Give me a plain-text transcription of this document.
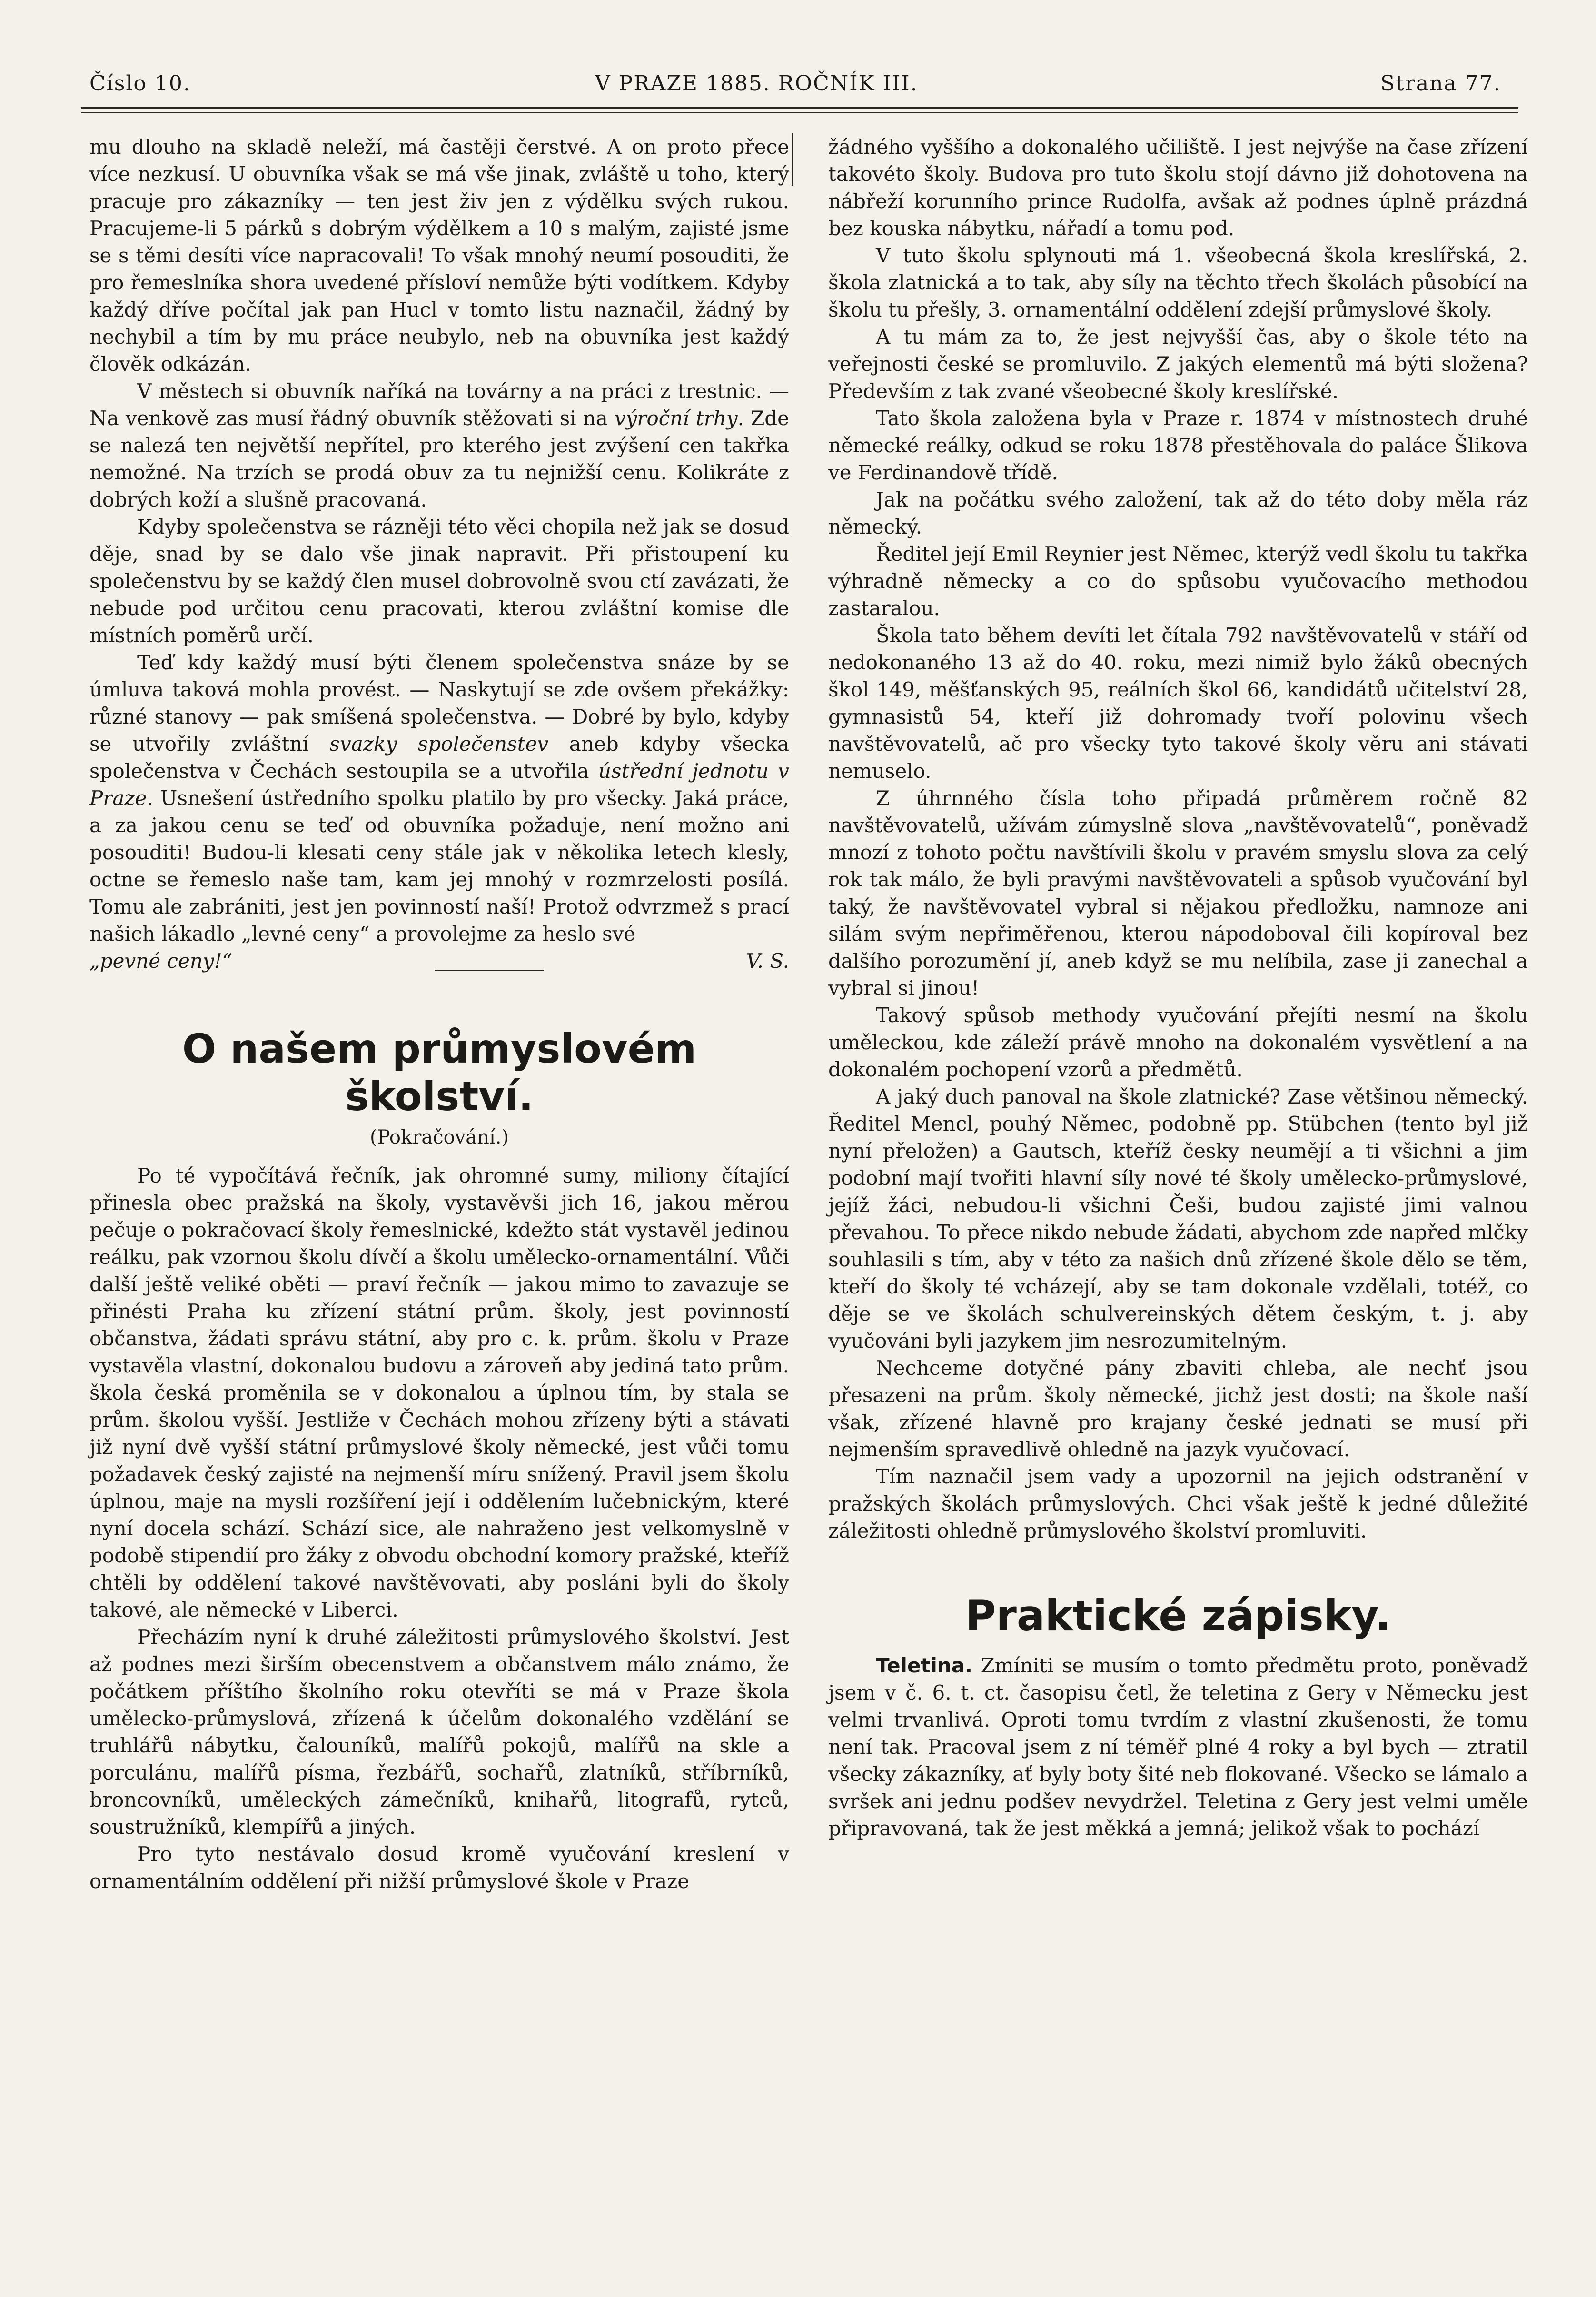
Číslo 10.	V PRAZE 1885. ROČNÍK III.	Strana 77.

mu dlouho na skladě neleží, má častěji čerstvé. A on proto přece více nezkusí. U obuvníka však se má vše jinak, zvláště u toho, který pracuje pro zákazníky — ten jest živ jen z výdělku svých rukou. Pracujeme-li 5 párků s dobrým výdělkem a 10 s malým, zajisté jsme se s těmi desíti více napracovali! To však mnohý neumí posouditi, že pro řemeslníka shora uvedené přísloví nemůže býti vodítkem. Kdyby každý dříve počítal jak pan Hucl v tomto listu naznačil, žádný by nechybil a tím by mu práce neubylo, neb na obuvníka jest každý člověk odkázán.

V městech si obuvník naříká na továrny a na práci z trestnic. — Na venkově zas musí řádný obuvník stěžovati si na výroční trhy. Zde se nalezá ten největší nepřítel, pro kterého jest zvýšení cen takřka nemožné. Na trzích se prodá obuv za tu nejnižší cenu. Kolikráte z dobrých koží a slušně pracovaná.

Kdyby společenstva se rázněji této věci chopila než jak se dosud děje, snad by se dalo vše jinak napravit. Při přistoupení ku společenstvu by se každý člen musel dobrovolně svou ctí zavázati, že nebude pod určitou cenu pracovati, kterou zvláštní komise dle místních poměrů určí.

Teď kdy každý musí býti členem společenstva snáze by se úmluva taková mohla provést. — Naskytují se zde ovšem překážky: různé stanovy — pak smíšená společenstva. — Dobré by bylo, kdyby se utvořily zvláštní svazky společenstev aneb kdyby všecka společenstva v Čechách sestoupila se a utvořila ústřední jednotu v Praze. Usnešení ústředního spolku platilo by pro všecky. Jaká práce, a za jakou cenu se teď od obuvníka požaduje, není možno ani posouditi! Budou-li klesati ceny stále jak v několika letech klesly, octne se řemeslo naše tam, kam jej mnohý v rozmrzelosti posílá. Tomu ale zabrániti, jest jen povinností naší! Protož odvrzmež s prací našich lákadlo „levné ceny“ a provolejme za heslo své

„pevné ceny!“	V. S.
O našem průmyslovém školství.
(Pokračování.)

Po té vypočítává řečník, jak ohromné sumy, miliony čítající přinesla obec pražská na školy, vystavěvši jich 16, jakou měrou pečuje o pokračovací školy řemeslnické, kdežto stát vystavěl jedinou reálku, pak vzornou školu dívčí a školu umělecko-ornamentální. Vůči další ještě veliké oběti — praví řečník — jakou mimo to zavazuje se přinésti Praha ku zřízení státní prům. školy, jest povinností občanstva, žádati správu státní, aby pro c. k. prům. školu v Praze vystavěla vlastní, dokonalou budovu a zároveň aby jediná tato prům. škola česká proměnila se v dokonalou a úplnou tím, by stala se prům. školou vyšší. Jestliže v Čechách mohou zřízeny býti a stávati již nyní dvě vyšší státní průmyslové školy německé, jest vůči tomu požadavek český zajisté na nejmenší míru snížený. Pravil jsem školu úplnou, maje na mysli rozšíření její i oddělením lučebnickým, které nyní docela schází. Schází sice, ale nahraženo jest velkomyslně v podobě stipendií pro žáky z obvodu obchodní komory pražské, kteříž chtěli by oddělení takové navštěvovati, aby posláni byli do školy takové, ale německé v Liberci.

Přecházím nyní k druhé záležitosti průmyslového školství. Jest až podnes mezi širším obecenstvem a občanstvem málo známo, že počátkem příštího školního roku otevříti se má v Praze škola umělecko-průmyslová, zřízená k účelům dokonalého vzdělání se truhlářů nábytku, čalouníků, malířů pokojů, malířů na skle a porculánu, malířů písma, řezbářů, sochařů, zlatníků, stříbrníků, broncovníků, uměleckých zámečníků, knihařů, litografů, rytců, soustružníků, klempířů a jiných.

Pro tyto nestávalo dosud kromě vyučování kreslení v ornamentálním oddělení při nižší průmyslové škole v Praze

žádného vyššího a dokonalého učiliště. I jest nejvýše na čase zřízení takovéto školy. Budova pro tuto školu stojí dávno již dohotovena na nábřeží korunního prince Rudolfa, avšak až podnes úplně prázdná bez kouska nábytku, nářadí a tomu pod.

V tuto školu splynouti má 1. všeobecná škola kreslířská, 2. škola zlatnická a to tak, aby síly na těchto třech školách působící na školu tu přešly, 3. ornamentální oddělení zdejší průmyslové školy.

A tu mám za to, že jest nejvyšší čas, aby o škole této na veřejnosti české se promluvilo. Z jakých elementů má býti složena? Především z tak zvané všeobecné školy kreslířské.

Tato škola založena byla v Praze r. 1874 v místnostech druhé německé reálky, odkud se roku 1878 přestěhovala do paláce Šlikova ve Ferdinandově třídě.

Jak na počátku svého založení, tak až do této doby měla ráz německý.

Ředitel její Emil Reynier jest Němec, kterýž vedl školu tu takřka výhradně německy a co do spůsobu vyučovacího methodou zastaralou.

Škola tato během devíti let čítala 792 navštěvovatelů v stáří od nedokonaného 13 až do 40. roku, mezi nimiž bylo žáků obecných škol 149, měšťanských 95, reálních škol 66, kandidátů učitelství 28, gymnasistů 54, kteří již dohromady tvoří polovinu všech navštěvovatelů, ač pro všecky tyto takové školy věru ani stávati nemuselo.

Z úhrnného čísla toho připadá průměrem ročně 82 navštěvovatelů, užívám zúmyslně slova „navštěvovatelů“, poněvadž mnozí z tohoto počtu navštívili školu v pravém smyslu slova za celý rok tak málo, že byli pravými navštěvovateli a spůsob vyučování byl taký, že navštěvovatel vybral si nějakou předložku, namnoze ani silám svým nepřiměřenou, kterou nápodoboval čili kopíroval bez dalšího porozumění jí, aneb když se mu nelíbila, zase ji zanechal a vybral si jinou!

Takový spůsob methody vyučování přejíti nesmí na školu uměleckou, kde záleží právě mnoho na dokonalém vysvětlení a na dokonalém pochopení vzorů a předmětů.

A jaký duch panoval na škole zlatnické? Zase většinou německý. Ředitel Mencl, pouhý Němec, podobně pp. Stübchen (tento byl již nyní přeložen) a Gautsch, kteříž česky neumějí a ti všichni a jim podobní mají tvořiti hlavní síly nové té školy umělecko-průmyslové, jejíž žáci, nebudou-li všichni Češi, budou zajisté jimi valnou převahou. To přece nikdo nebude žádati, abychom zde napřed mlčky souhlasili s tím, aby v této za našich dnů zřízené škole dělo se těm, kteří do školy té vcházejí, aby se tam dokonale vzdělali, totéž, co děje se ve školách schulvereinských dětem českým, t. j. aby vyučováni byli jazykem jim nesrozumitelným.

Nechceme dotyčné pány zbaviti chleba, ale nechť jsou přesazeni na prům. školy německé, jichž jest dosti; na škole naší však, zřízené hlavně pro krajany české jednati se musí při nejmenším spravedlivě ohledně na jazyk vyučovací.

Tím naznačil jsem vady a upozornil na jejich odstranění v pražských školách průmyslových. Chci však ještě k jedné důležité záležitosti ohledně průmyslového školství promluviti.

Praktické zápisky.

Teletina. Zmíniti se musím o tomto předmětu proto, poněvadž jsem v č. 6. t. ct. časopisu četl, že teletina z Gery v Německu jest velmi trvanlivá. Oproti tomu tvrdím z vlastní zkušenosti, že tomu není tak. Pracoval jsem z ní téměř plné 4 roky a byl bych — ztratil všecky zákazníky, ať byly boty šité neb flokované. Všecko se lámalo a svršek ani jednu podšev nevydržel. Teletina z Gery jest velmi uměle připravovaná, tak že jest měkká a jemná; jelikož však to pochází
